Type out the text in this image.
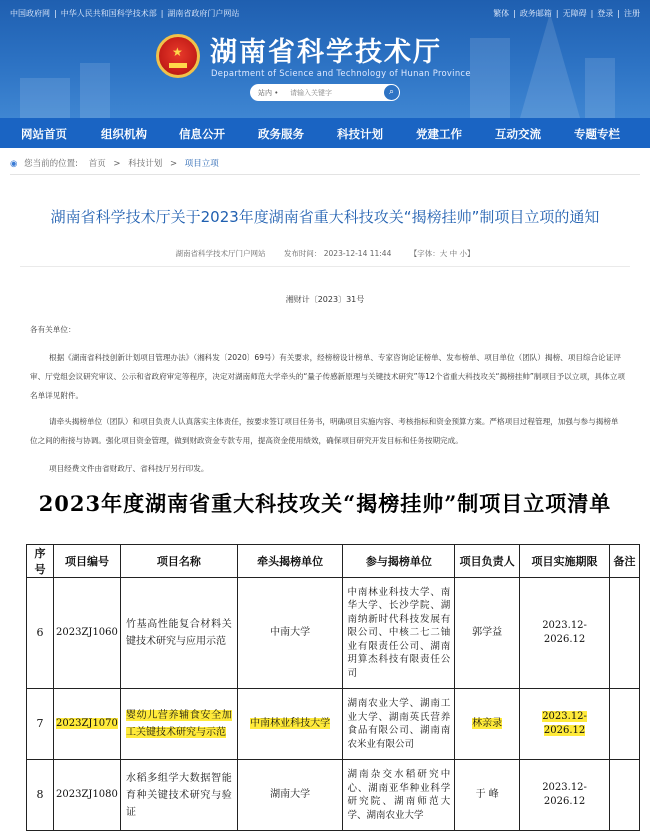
中国政府网 | 中华人民共和国科学技术部 | 湖南省政府门户网站	繁体 | 政务邮箱 | 无障碍 | 登录 | 注册
★ 湖南省科学技术厅
Department of Science and Technology of Hunan Province
站内 • 请输入关键字	⌕
网站首页	组织机构	信息公开	政务服务	科技计划	党建工作	互动交流	专题专栏
◉ 您当前的位置: 首页 > 科技计划 > 项目立项
湖南省科学技术厅关于2023年度湖南省重大科技攻关“揭榜挂帅”制项目立项的通知
湖南省科学技术厅门户网站 发布时间： 2023-12-14 11:44 【字体：大 中 小】
湘财计〔2023〕31号
各有关单位：
根据《湖南省科技创新计划项目管理办法》（湘科发〔2020〕69号）有关要求，经榜榜设计榜单、专家咨询论证榜单、发布榜单、项目单位（团队）揭榜、项目综合论证评审、厅党组会议研究审议、公示和省政府审定等程序，决定对湖南师范大学牵头的“量子传感新原理与关键技术研究”等12个省重大科技攻关“揭榜挂帅”制项目予以立项，具体立项名单详见附件。
请牵头揭榜单位（团队）和项目负责人认真落实主体责任，按要求签订项目任务书，明确项目实施内容、考核指标和资金预算方案。严格项目过程管理，加强与参与揭榜单位之间的衔接与协调。强化项目资金管理，做到财政资金专款专用，提高资金使用绩效，确保项目研究开发目标和任务按期完成。
项目经费文件由省财政厅、省科技厅另行印发。
2023年度湖南省重大科技攻关“揭榜挂帅”制项目立项清单
序号	项目编号	项目名称	牵头揭榜单位	参与揭榜单位	项目负责人	项目实施期限	备注
6	2023ZJ1060	竹基高性能复合材料关键技术研究与应用示范	中南大学	中南林业科技大学、南华大学、长沙学院、湖南纳新时代科技发展有限公司、中核二七二铀业有限责任公司、湖南玥算杰科技有限责任公司	郭学益	2023.12-2026.12	
7	2023ZJ1070	婴幼儿营养辅食安全加工关键技术研究与示范	中南林业科技大学	湖南农业大学、湖南工业大学、湖南英氏营养食品有限公司、湖南南农米业有限公司	林亲录	2023.12-2026.12	
8	2023ZJ1080	水稻多组学大数据智能育种关键技术研究与验证	湖南大学	湖南杂交水稻研究中心、湖南亚华种业科学研究院、湖南师范大学、湖南农业大学	于 峰	2023.12-2026.12	
